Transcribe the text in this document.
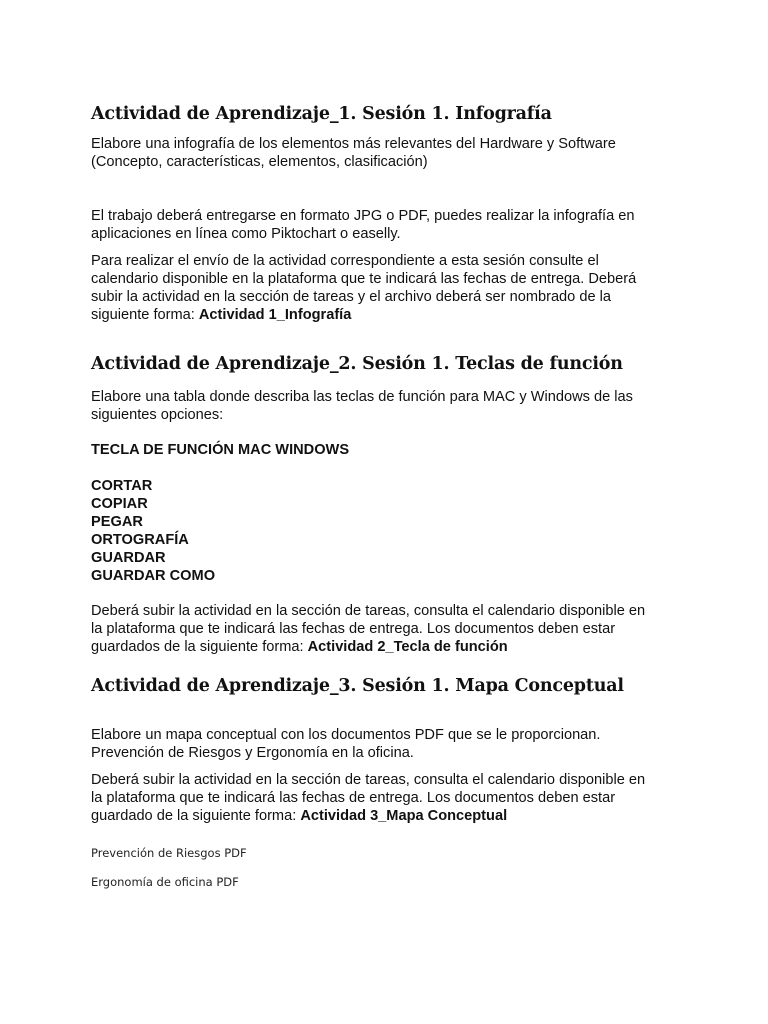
Actividad de Aprendizaje_1. Sesión 1. Infografía
Elabore una infografía de los elementos más relevantes del Hardware y Software
(Concepto, características, elementos, clasificación)
El trabajo deberá entregarse en formato JPG o PDF, puedes realizar la infografía en
aplicaciones en línea como Piktochart o easelly.
Para realizar el envío de la actividad correspondiente a esta sesión consulte el
calendario disponible en la plataforma que te indicará las fechas de entrega. Deberá
subir la actividad en la sección de tareas y el archivo deberá ser nombrado de la
siguiente forma: Actividad 1_Infografía
Actividad de Aprendizaje_2. Sesión 1. Teclas de función
Elabore una tabla donde describa las teclas de función para MAC y Windows de las
siguientes opciones:
TECLA DE FUNCIÓN MAC WINDOWS
CORTAR
COPIAR
PEGAR
ORTOGRAFÍA
GUARDAR
GUARDAR COMO
Deberá subir la actividad en la sección de tareas, consulta el calendario disponible en
la plataforma que te indicará las fechas de entrega. Los documentos deben estar
guardados de la siguiente forma: Actividad 2_Tecla de función
Actividad de Aprendizaje_3. Sesión 1. Mapa Conceptual
Elabore un mapa conceptual con los documentos PDF que se le proporcionan.
Prevención de Riesgos y Ergonomía en la oficina.
Deberá subir la actividad en la sección de tareas, consulta el calendario disponible en
la plataforma que te indicará las fechas de entrega. Los documentos deben estar
guardado de la siguiente forma: Actividad 3_Mapa Conceptual
Prevención de Riesgos PDF
Ergonomía de oficina PDF
